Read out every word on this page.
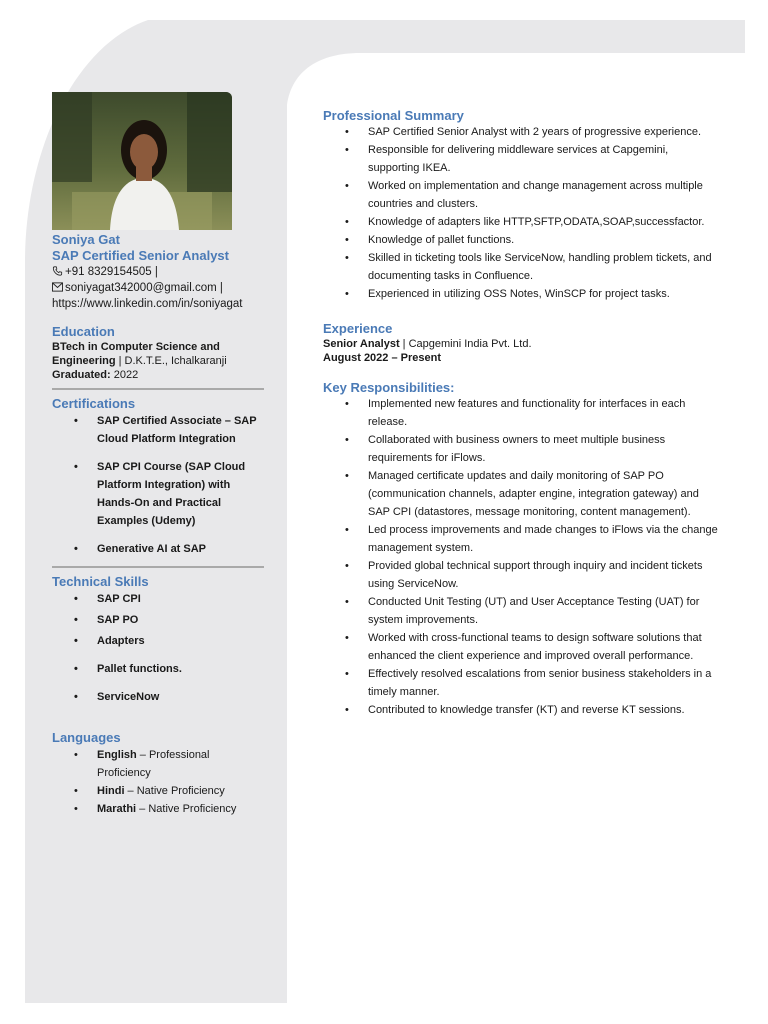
Soniya Gat
SAP Certified Senior Analyst
+91 8329154505 |
soniyagat342000@gmail.com |
https://www.linkedin.com/in/soniyagat
Education
BTech in Computer Science and Engineering | D.K.T.E., Ichalkaranji
Graduated: 2022
Certifications
• SAP Certified Associate – SAP Cloud Platform Integration
• SAP CPI Course (SAP Cloud Platform Integration) with Hands-On and Practical Examples (Udemy)
• Generative AI at SAP
Technical Skills
• SAP CPI
• SAP PO
• Adapters
• Pallet functions.
• ServiceNow
Languages
• English – Professional Proficiency
• Hindi – Native Proficiency
• Marathi – Native Proficiency
Professional Summary
• SAP Certified Senior Analyst with 2 years of progressive experience.
• Responsible for delivering middleware services at Capgemini, supporting IKEA.
• Worked on implementation and change management across multiple countries and clusters.
• Knowledge of adapters like HTTP,SFTP,ODATA,SOAP,successfactor.
• Knowledge of pallet functions.
• Skilled in ticketing tools like ServiceNow, handling problem tickets, and documenting tasks in Confluence.
• Experienced in utilizing OSS Notes, WinSCP for project tasks.
Experience
Senior Analyst | Capgemini India Pvt. Ltd.
August 2022 – Present
Key Responsibilities:
• Implemented new features and functionality for interfaces in each release.
• Collaborated with business owners to meet multiple business requirements for iFlows.
• Managed certificate updates and daily monitoring of SAP PO (communication channels, adapter engine, integration gateway) and SAP CPI (datastores, message monitoring, content management).
• Led process improvements and made changes to iFlows via the change management system.
• Provided global technical support through inquiry and incident tickets using ServiceNow.
• Conducted Unit Testing (UT) and User Acceptance Testing (UAT) for system improvements.
• Worked with cross-functional teams to design software solutions that enhanced the client experience and improved overall performance.
• Effectively resolved escalations from senior business stakeholders in a timely manner.
• Contributed to knowledge transfer (KT) and reverse KT sessions.
